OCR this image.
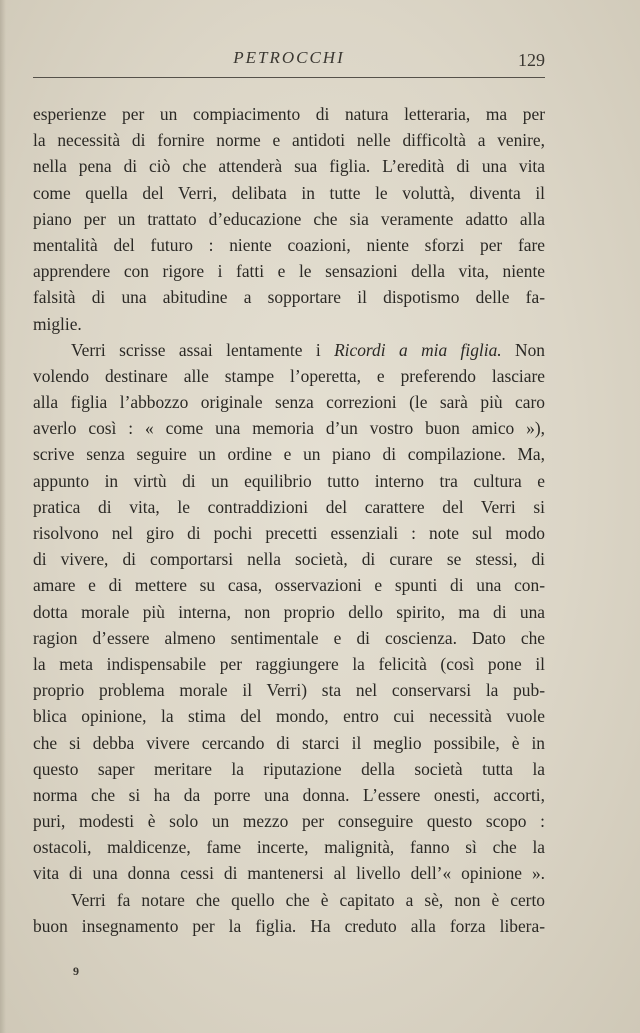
PETROCCHI	129
esperienze per un compiacimento di natura letteraria, ma per
la necessità di fornire norme e antidoti nelle difficoltà a venire,
nella pena di ciò che attenderà sua figlia. L’eredità di una vita
come quella del Verri, delibata in tutte le voluttà, diventa il
piano per un trattato d’educazione che sia veramente adatto alla
mentalità del futuro : niente coazioni, niente sforzi per fare
apprendere con rigore i fatti e le sensazioni della vita, niente
falsità di una abitudine a sopportare il dispotismo delle fa-
miglie.
Verri scrisse assai lentamente i Ricordi a mia figlia. Non
volendo destinare alle stampe l’operetta, e preferendo lasciare
alla figlia l’abbozzo originale senza correzioni (le sarà più caro
averlo così : « come una memoria d’un vostro buon amico »),
scrive senza seguire un ordine e un piano di compilazione. Ma,
appunto in virtù di un equilibrio tutto interno tra cultura e
pratica di vita, le contraddizioni del carattere del Verri si
risolvono nel giro di pochi precetti essenziali : note sul modo
di vivere, di comportarsi nella società, di curare se stessi, di
amare e di mettere su casa, osservazioni e spunti di una con-
dotta morale più interna, non proprio dello spirito, ma di una
ragion d’essere almeno sentimentale e di coscienza. Dato che
la meta indispensabile per raggiungere la felicità (così pone il
proprio problema morale il Verri) sta nel conservarsi la pub-
blica opinione, la stima del mondo, entro cui necessità vuole
che si debba vivere cercando di starci il meglio possibile, è in
questo saper meritare la riputazione della società tutta la
norma che si ha da porre una donna. L’essere onesti, accorti,
puri, modesti è solo un mezzo per conseguire questo scopo :
ostacoli, maldicenze, fame incerte, malignità, fanno sì che la
vita di una donna cessi di mantenersi al livello dell’« opinione ».
Verri fa notare che quello che è capitato a sè, non è certo
buon insegnamento per la figlia. Ha creduto alla forza libera-
9
